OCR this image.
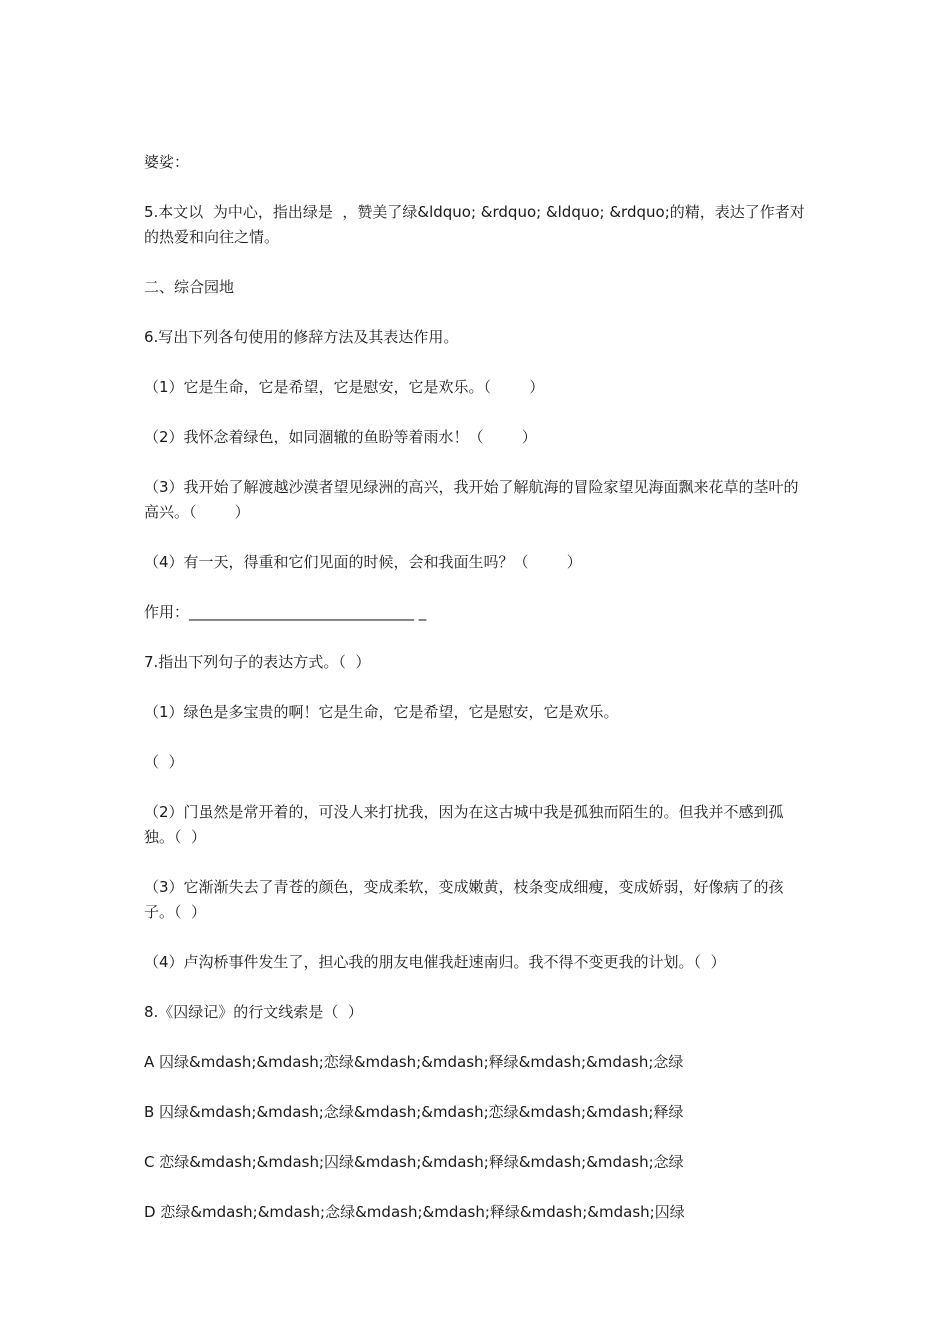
婆娑：

5.本文以  为中心，指出绿是  ，赞美了绿&ldquo; &rdquo; &ldquo; &rdquo;的精，表达了作者对  的热爱和向往之情。

二、综合园地

6.写出下列各句使用的修辞方法及其表达作用。

（1）它是生命，它是希望，它是慰安，它是欢乐。（        ）

（2）我怀念着绿色，如同涸辙的鱼盼等着雨水！（        ）

（3）我开始了解渡越沙漠者望见绿洲的高兴，我开始了解航海的冒险家望见海面飘来花草的茎叶的高兴。（        ）

（4）有一天，得重和它们见面的时候，会和我面生吗？（        ）

作用：______________________________ _

7.指出下列句子的表达方式。（  ）

（1）绿色是多宝贵的啊！它是生命，它是希望，它是慰安，它是欢乐。

（  ）

（2）门虽然是常开着的，可没人来打扰我，因为在这古城中我是孤独而陌生的。但我并不感到孤独。（  ）

（3）它渐渐失去了青苍的颜色，变成柔软，变成嫩黄，枝条变成细瘦，变成娇弱，好像病了的孩子。（  ）

（4）卢沟桥事件发生了，担心我的朋友电催我赶速南归。我不得不变更我的计划。（  ）

8.《囚绿记》的行文线索是（  ）

A 囚绿&mdash;&mdash;恋绿&mdash;&mdash;释绿&mdash;&mdash;念绿

B 囚绿&mdash;&mdash;念绿&mdash;&mdash;恋绿&mdash;&mdash;释绿

C 恋绿&mdash;&mdash;囚绿&mdash;&mdash;释绿&mdash;&mdash;念绿

D 恋绿&mdash;&mdash;念绿&mdash;&mdash;释绿&mdash;&mdash;囚绿
